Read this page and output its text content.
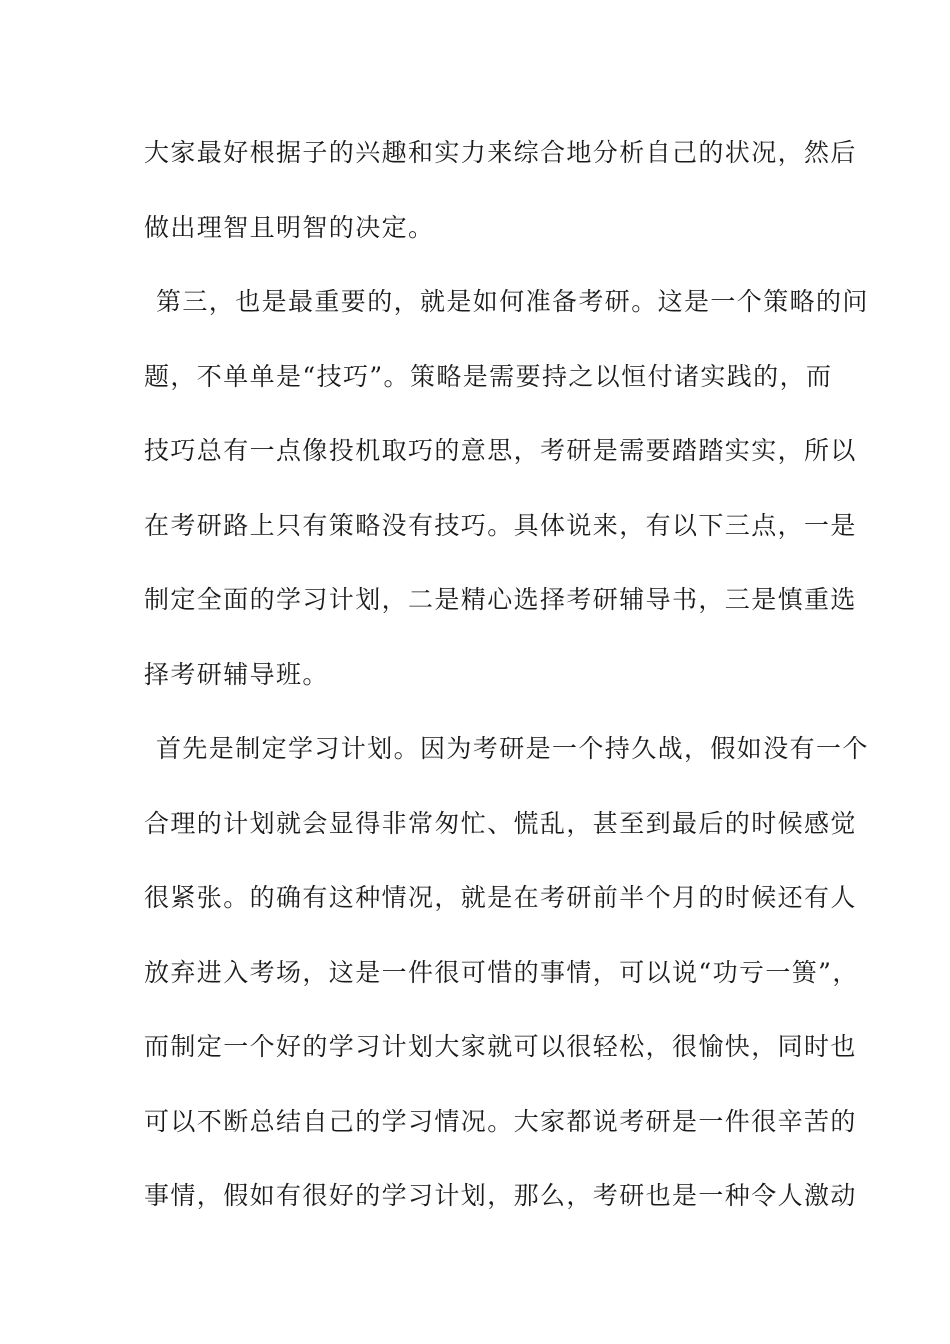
大家最好根据子的兴趣和实力来综合地分析自己的状况，然后
做出理智且明智的决定。
第三，也是最重要的，就是如何准备考研。这是一个策略的问
题，不单单是“技巧”。策略是需要持之以恒付诸实践的，而
技巧总有一点像投机取巧的意思，考研是需要踏踏实实，所以
在考研路上只有策略没有技巧。具体说来，有以下三点，一是
制定全面的学习计划，二是精心选择考研辅导书，三是慎重选
择考研辅导班。
首先是制定学习计划。因为考研是一个持久战，假如没有一个
合理的计划就会显得非常匆忙、慌乱，甚至到最后的时候感觉
很紧张。的确有这种情况，就是在考研前半个月的时候还有人
放弃进入考场，这是一件很可惜的事情，可以说“功亏一篑”，
而制定一个好的学习计划大家就可以很轻松，很愉快，同时也
可以不断总结自己的学习情况。大家都说考研是一件很辛苦的
事情，假如有很好的学习计划，那么，考研也是一种令人激动
